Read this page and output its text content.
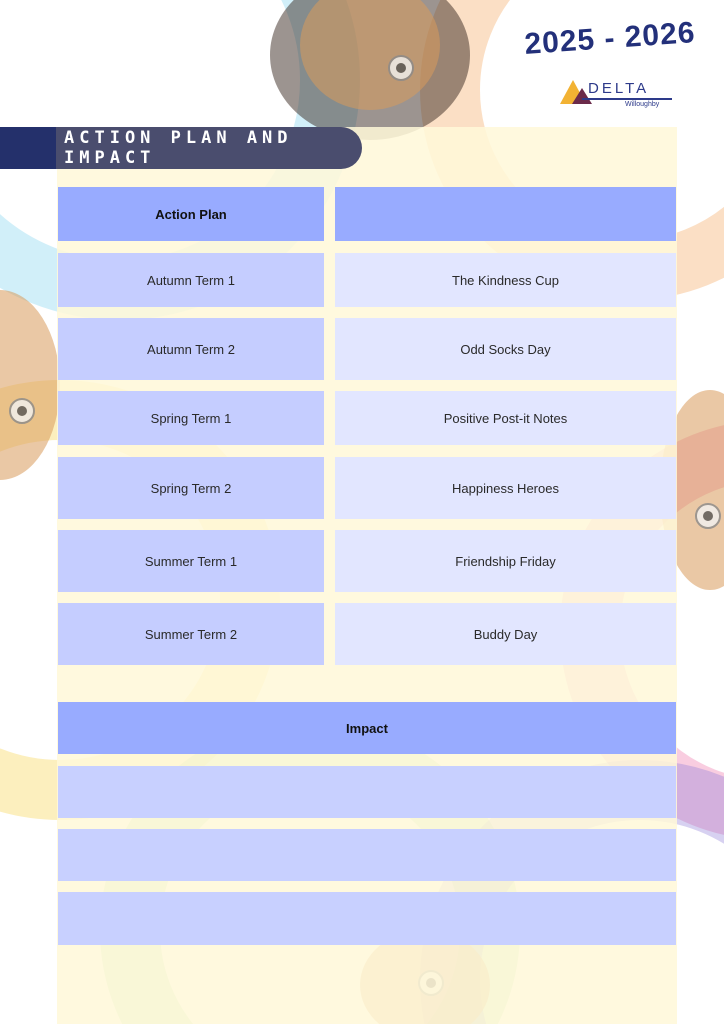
2025 - 2026
DELTA
Willoughby
ACTION PLAN AND IMPACT
Action Plan
Autumn Term 1	The Kindness Cup
Autumn Term 2	Odd Socks Day
Spring Term 1	Positive Post-it Notes
Spring Term 2	Happiness Heroes
Summer Term 1	Friendship Friday
Summer Term 2	Buddy Day
Impact
